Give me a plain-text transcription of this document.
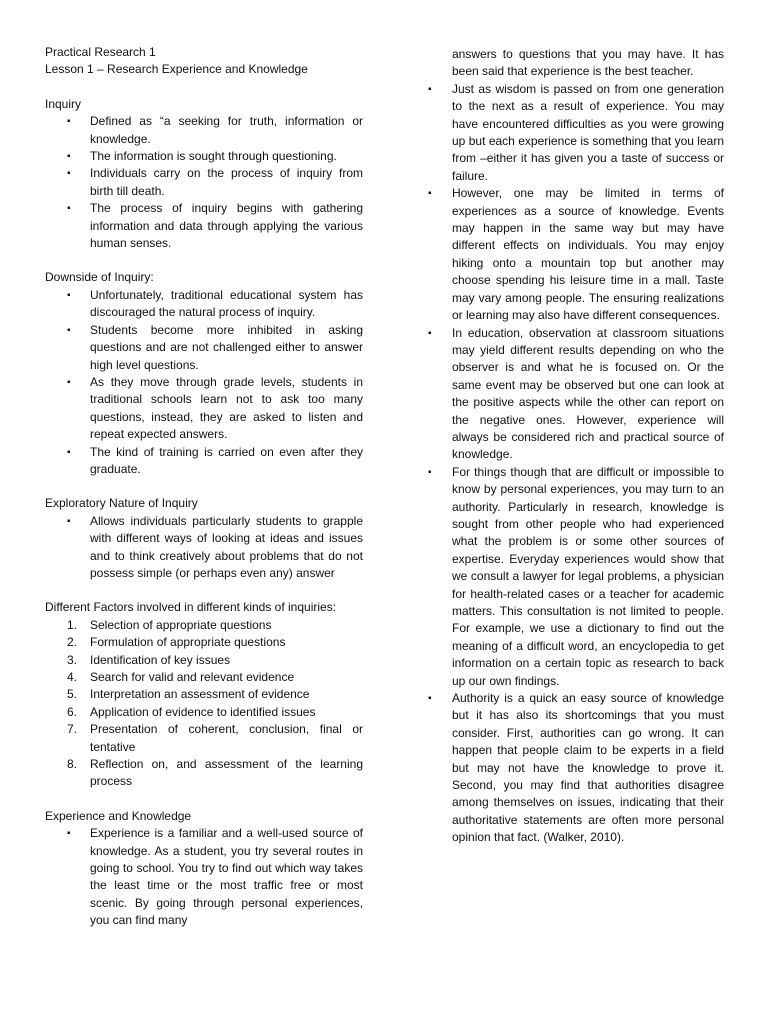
Practical Research 1
Lesson 1 – Research Experience and Knowledge
Inquiry
▪ Defined as “a seeking for truth, information or knowledge.
▪ The information is sought through questioning.
▪ Individuals carry on the process of inquiry from birth till death.
▪ The process of inquiry begins with gathering information and data through applying the various human senses.
Downside of Inquiry:
▪ Unfortunately, traditional educational system has discouraged the natural process of inquiry.
▪ Students become more inhibited in asking questions and are not challenged either to answer high level questions.
▪ As they move through grade levels, students in traditional schools learn not to ask too many questions, instead, they are asked to listen and repeat expected answers.
▪ The kind of training is carried on even after they graduate.
Exploratory Nature of Inquiry
▪ Allows individuals particularly students to grapple with different ways of looking at ideas and issues and to think creatively about problems that do not possess simple (or perhaps even any) answer
Different Factors involved in different kinds of inquiries:
1. Selection of appropriate questions
2. Formulation of appropriate questions
3. Identification of key issues
4. Search for valid and relevant evidence
5. Interpretation an assessment of evidence
6. Application of evidence to identified issues
7. Presentation of coherent, conclusion, final or tentative
8. Reflection on, and assessment of the learning process
Experience and Knowledge
▪ Experience is a familiar and a well-used source of knowledge. As a student, you try several routes in going to school. You try to find out which way takes the least time or the most traffic free or most scenic. By going through personal experiences, you can find many
answers to questions that you may have. It has been said that experience is the best teacher.
▪ Just as wisdom is passed on from one generation to the next as a result of experience. You may have encountered difficulties as you were growing up but each experience is something that you learn from –either it has given you a taste of success or failure.
▪ However, one may be limited in terms of experiences as a source of knowledge. Events may happen in the same way but may have different effects on individuals. You may enjoy hiking onto a mountain top but another may choose spending his leisure time in a mall. Taste may vary among people. The ensuring realizations or learning may also have different consequences.
▪ In education, observation at classroom situations may yield different results depending on who the observer is and what he is focused on. Or the same event may be observed but one can look at the positive aspects while the other can report on the negative ones. However, experience will always be considered rich and practical source of knowledge.
▪ For things though that are difficult or impossible to know by personal experiences, you may turn to an authority. Particularly in research, knowledge is sought from other people who had experienced what the problem is or some other sources of expertise. Everyday experiences would show that we consult a lawyer for legal problems, a physician for health-related cases or a teacher for academic matters. This consultation is not limited to people. For example, we use a dictionary to find out the meaning of a difficult word, an encyclopedia to get information on a certain topic as research to back up our own findings.
▪ Authority is a quick an easy source of knowledge but it has also its shortcomings that you must consider. First, authorities can go wrong. It can happen that people claim to be experts in a field but may not have the knowledge to prove it. Second, you may find that authorities disagree among themselves on issues, indicating that their authoritative statements are often more personal opinion that fact. (Walker, 2010).
